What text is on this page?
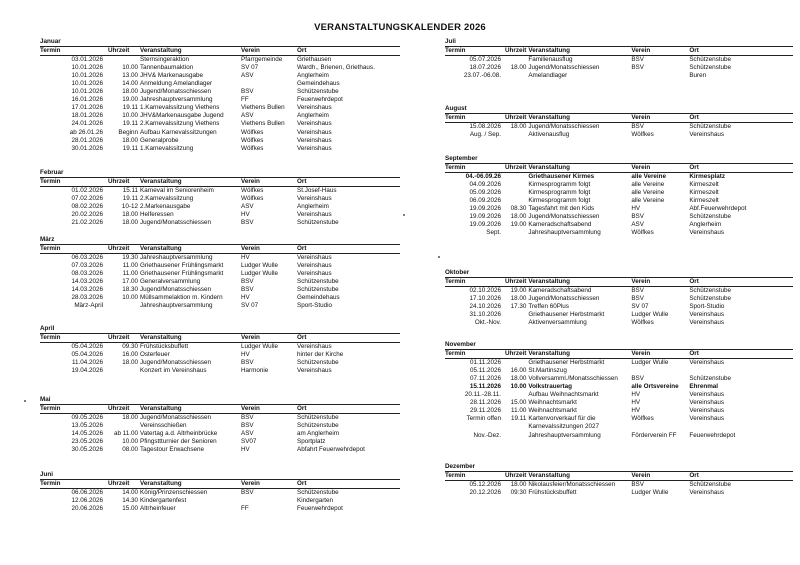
VERANSTALTUNGSKALENDER 2026
Januar
Termin	Uhrzeit	Veranstaltung	Verein	Ort
03.01.2026		Sternsingeraktion	Pfarrgemeinde	Griethausen
10.01.2026	10.00	Tannenbaumaktion	SV 07	Wardh., Brienen, Griethaus.
10.01.2026	13.00	JHV& Markenausgabe	ASV	Anglerheim
10.01.2026	14.00	Anmeldung Amelandlager		Gemeindehaus
10.01.2026	18.00	Jugend/Monatsschiessen	BSV	Schützenstube
16.01.2026	19.00	Jahreshauptversammlung	FF	Feuerwehrdepot
17.01.2026	19.11	1.Karnevalssitzung Viethens	Viethens Bullen	Vereinshaus
18.01.2026	10.00	JHV&Markenausgabe Jugend	ASV	Anglerheim
24.01.2026	19.11	2.Karnevalssitzung Viethens	Viethens Bullen	Vereinshaus
ab 26.01.26	Beginn	Aufbau Karnevalssitzungen	Wölfkes	Vereinshaus
28.01.2026	18.00	Generalprobe	Wölfkes	Vereinshaus
30.01.2026	19.11	1.Karnevalssitzung	Wölfkes	Vereinshaus
Februar
Termin	Uhrzeit	Veranstaltung	Verein	Ort
01.02.2026	15.11	Karneval im Seniorenheim	Wölfkes	St.Josef-Haus
07.02.2026	19.11	2.Karnevalssitzung	Wölfkes	Vereinshaus
08.02.2026	10-12	2.Markenausgabe	ASV	Anglerheim
20.02.2026	18.00	Helferessen	HV	Vereinshaus
21.02.2026	18.00	Jugend/Monatsschiessen	BSV	Schützenstube
März
Termin	Uhrzeit	Veranstaltung	Verein	Ort
06.03.2026	19.30	Jahreshauptversammlung	HV	Vereinshaus
07.03.2026	11.00	Griethausener Frühlingsmarkt	Ludger Wulle	Vereinshaus
08.03.2026	11.00	Griethausener Frühlingsmarkt	Ludger Wulle	Vereinshaus
14.03.2026	17.00	Generalversammlung	BSV	Schützenstube
14.03.2026	18.30	Jugend/Monatsschiessen	BSV	Schützenstube
28.03.2026	10.00	Müllsammelaktion m. Kindern	HV	Gemeindehaus
März-April		Jahreshauptversammlung	SV 07	Sport-Studio
April
Termin	Uhrzeit	Veranstaltung	Verein	Ort
05.04.2026	09.30	Frühstücksbuffett	Ludger Wulle	Vereinshaus
05.04.2026	16.00	Osterfeuer	HV	hinter der Kirche
11.04.2026	18.00	Jugend/Monatsschiessen	BSV	Schützenstube
19.04.2026		Konzert im Vereinshaus	Harmonie	Vereinshaus
Mai
Termin	Uhrzeit	Veranstaltung	Verein	Ort
09.05.2026	18.00	Jugend/Monatsschiessen	BSV	Schützenstube
13.05.2026		Vereinsschießen	BSV	Schützenstube
14.05.2026	ab 11.00	Vatertag a.d. Altrheinbrücke	ASV	am Anglerheim
23.05.2026	10.00	Pfingsttturnier der Senioren	SV07	Sportplatz
30.05.2026	08.00	Tagestour Erwachsene	HV	Abfahrt Feuerwehrdepot
Juni
Termin	Uhrzeit	Veranstaltung	Verein	Ort
06.06.2026	14.00	König/Prinzenschiessen	BSV	Schützenstube
12.06.2026	14.30	Kindergartenfest		Kindergarten
20.06.2026	15.00	Altrheinfeuer	FF	Feuerwehrdepot
Juli
Termin	Uhrzeit	Veranstaltung	Verein	Ort
05.07.2026		Familienausflug	BSV	Schützenstube
18.07.2026	18.00	Jugend/Monatsschiessen	BSV	Schützenstube
23.07.-06.08.		Amelandlager		Buren
August
Termin	Uhrzeit	Veranstaltung	Verein	Ort
15.08.2026	18.00	Jugend/Monatsschiessen	BSV	Schützenstube
Aug. / Sep.		Aktivenausflug	Wölfkes	Vereinshaus
September
Termin	Uhrzeit	Veranstaltung	Verein	Ort
04.-06.09.26		Griethausener Kirmes	alle Vereine	Kirmesplatz
04.09.2026		Kirmesprogramm folgt	alle Vereine	Kirmeszelt
05.09.2026		Kirmesprogramm folgt	alle Vereine	Kirmeszelt
06.09.2026		Kirmesprogramm folgt	alle Vereine	Kirmeszelt
19.09.2026	08.30	Tagesfahrt mit den Kids	HV	Abf.Feuerwehrdepot
19.09.2026	18.00	Jugend/Monatsschiessen	BSV	Schützenstube
19.09.2026	19.00	Kameradschaftsabend	ASV	Anglerheim
Sept.		Jahreshauptversammlung	Wölfkes	Vereinshaus
Oktober
Termin	Uhrzeit	Veranstaltung	Verein	Ort
02.10.2026	19.00	Kameradschaftsabend	BSV	Schützenstube
17.10.2026	18.00	Jugend/Monatsschiessen	BSV	Schützenstube
24.10.2026	17.30	Treffen 60Plus	SV 07	Sport-Studio
31.10.2026		Griethausener Herbstmarkt	Ludger Wulle	Vereinshaus
Okt.-Nov.		Aktivenversammlung	Wölfkes	Vereinshaus
November
Termin	Uhrzeit	Veranstaltung	Verein	Ort
01.11.2026		Griethausener Herbstmarkt	Ludger Wulle	Vereinshaus
05.11.2026	16.00	St.Martinszug		
07.11.2026	18.00	Vollversamml./Monatsschiessen	BSV	Schützenstube
15.11.2026	10.00	Volkstrauertag	alle Ortsvereine	Ehrenmal
20.11.-28.11.		Aufbau Weihnachtsmarkt	HV	Vereinshaus
28.11.2026	15.00	Weihnachtsmarkt	HV	Vereinshaus
29.11.2026	11.00	Weihnachtsmarkt	HV	Vereinshaus
Termin offen	19.11	Kartenvorverkauf für die	Wölfkes	Vereinshaus
		Karnevalssitzungen 2027		
Nov.-Dez.		Jahreshauptversammlung	Förderverein FF	Feuerwehrdepot
Dezember
Termin	Uhrzeit	Veranstaltung	Verein	Ort
05.12.2026	18.00	Nikolausfeier/Monatsschiessen	BSV	Schützenstube
20.12.2026	09:30	Frühstücksbuffett	Ludger Wulle	Vereinshaus
